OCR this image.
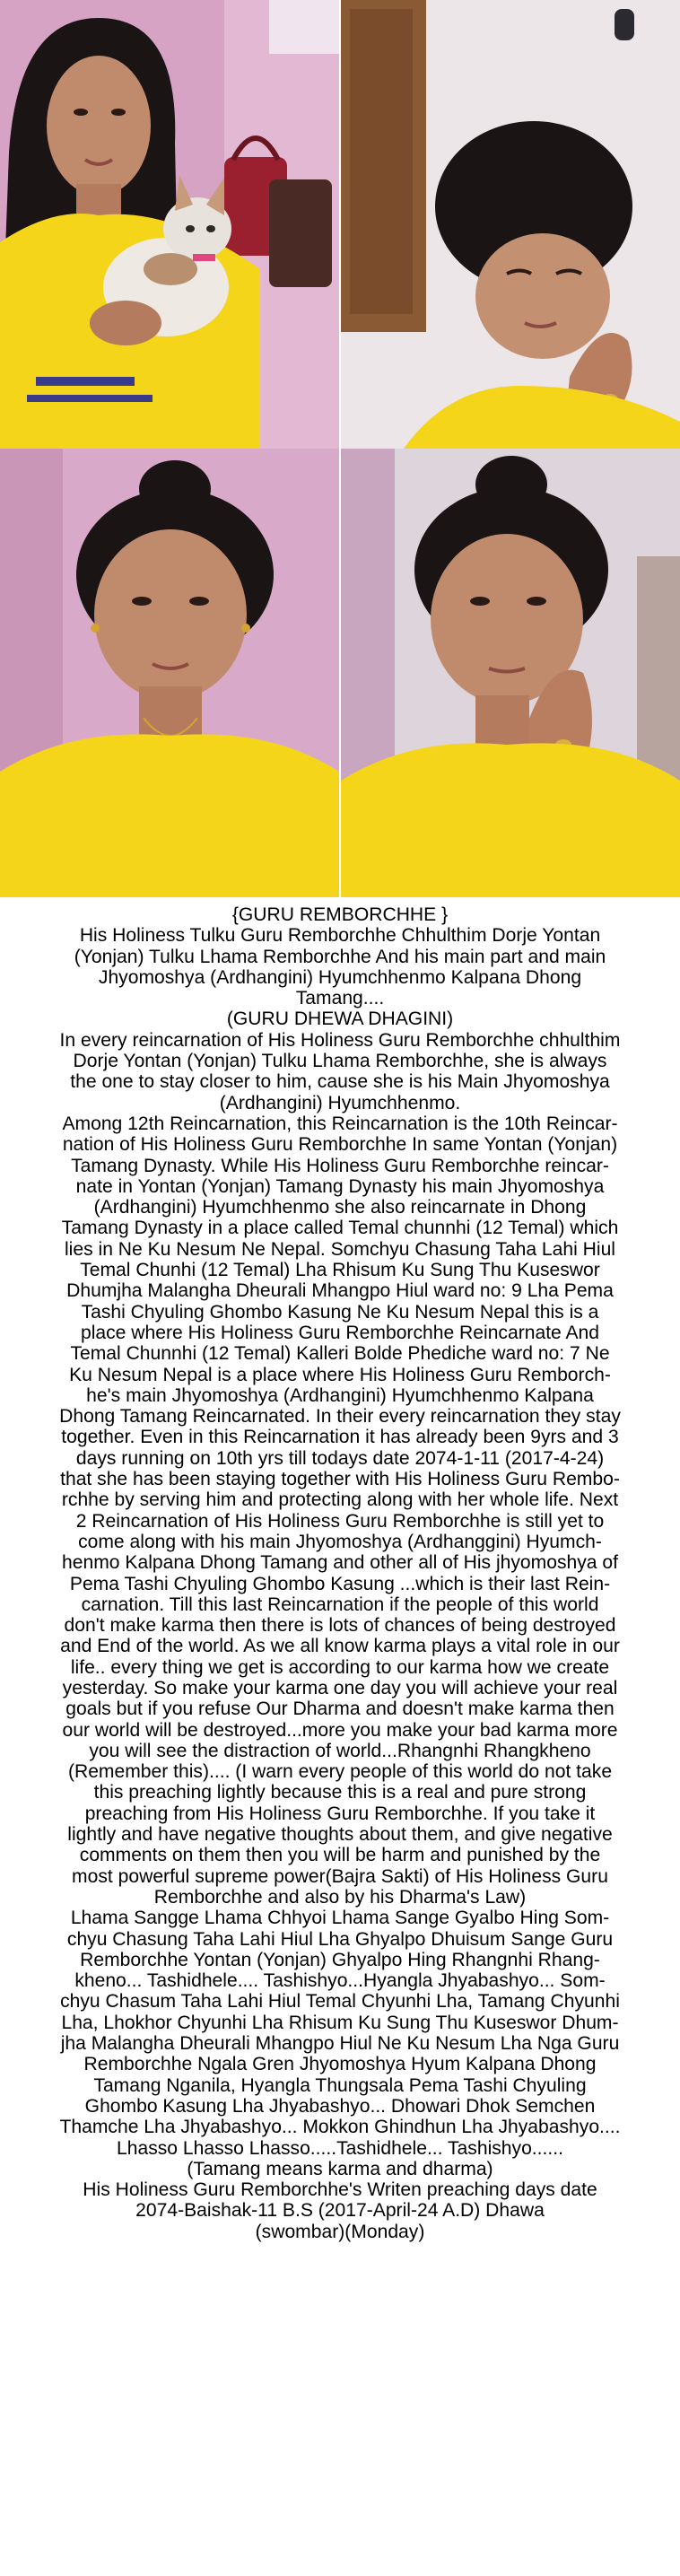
{GURU REMBORCHHE }

His Holiness Tulku Guru Remborchhe Chhulthim Dorje Yontan

(Yonjan) Tulku Lhama Remborchhe And his main part and main

Jhyomoshya (Ardhangini) Hyumchhenmo Kalpana Dhong

Tamang....

(GURU DHEWA DHAGINI)

In every reincarnation of His Holiness Guru Remborchhe chhulthim

Dorje Yontan (Yonjan) Tulku Lhama Remborchhe, she is always

the one to stay closer to him, cause she is his Main Jhyomoshya

(Ardhangini) Hyumchhenmo.

Among 12th Reincarnation, this Reincarnation is the 10th Reincar-

nation of His Holiness Guru Remborchhe In same Yontan (Yonjan)

Tamang Dynasty. While His Holiness Guru Remborchhe reincar-

nate in Yontan (Yonjan) Tamang Dynasty his main Jhyomoshya

(Ardhangini) Hyumchhenmo she also reincarnate in Dhong

Tamang Dynasty in a place called Temal chunnhi (12 Temal) which

lies in Ne Ku Nesum Ne Nepal. Somchyu Chasung Taha Lahi Hiul

Temal Chunhi (12 Temal) Lha Rhisum Ku Sung Thu Kuseswor

Dhumjha Malangha Dheurali Mhangpo Hiul ward no: 9 Lha Pema

Tashi Chyuling Ghombo Kasung Ne Ku Nesum Nepal this is a

place where His Holiness Guru Remborchhe Reincarnate And

Temal Chunnhi (12 Temal) Kalleri Bolde Phediche ward no: 7 Ne

Ku Nesum Nepal is a place where His Holiness Guru Remborch-

he's main Jhyomoshya (Ardhangini) Hyumchhenmo Kalpana

Dhong Tamang Reincarnated. In their every reincarnation they stay

together. Even in this Reincarnation it has already been 9yrs and 3

days running on 10th yrs till todays date 2074-1-11 (2017-4-24)

that she has been staying together with His Holiness Guru Rembo-

rchhe by serving him and protecting along with her whole life. Next

2 Reincarnation of His Holiness Guru Remborchhe is still yet to

come along with his main Jhyomoshya (Ardhanggini) Hyumch-

henmo Kalpana Dhong Tamang and other all of His jhyomoshya of

Pema Tashi Chyuling Ghombo Kasung ...which is their last Rein-

carnation. Till this last Reincarnation if the people of this world

don't make karma then there is lots of chances of being destroyed

and End of the world. As we all know karma plays a vital role in our

life.. every thing we get is according to our karma how we create

yesterday. So make your karma one day you will achieve your real

goals but if you refuse Our Dharma and doesn't make karma then

our world will be destroyed...more you make your bad karma more

you will see the distraction of world...Rhangnhi Rhangkheno

(Remember this).... (I warn every people of this world do not take

this preaching lightly because this is a real and pure strong

preaching from His Holiness Guru Remborchhe. If you take it

lightly and have negative thoughts about them, and give negative

comments on them then you will be harm and punished by the

most powerful supreme power(Bajra Sakti) of His Holiness Guru

Remborchhe and also by his Dharma's Law)

Lhama Sangge Lhama Chhyoi Lhama Sange Gyalbo Hing Som-

chyu Chasung Taha Lahi Hiul Lha Ghyalpo Dhuisum Sange Guru

Remborchhe Yontan (Yonjan) Ghyalpo Hing Rhangnhi Rhang-

kheno... Tashidhele.... Tashishyo...Hyangla Jhyabashyo... Som-

chyu Chasum Taha Lahi Hiul Temal Chyunhi Lha, Tamang Chyunhi

Lha, Lhokhor Chyunhi Lha Rhisum Ku Sung Thu Kuseswor Dhum-

jha Malangha Dheurali Mhangpo Hiul Ne Ku Nesum Lha Nga Guru

Remborchhe Ngala Gren Jhyomoshya Hyum Kalpana Dhong

Tamang Nganila, Hyangla Thungsala Pema Tashi Chyuling

Ghombo Kasung Lha Jhyabashyo... Dhowari Dhok Semchen

Thamche Lha Jhyabashyo... Mokkon Ghindhun Lha Jhyabashyo....

Lhasso Lhasso Lhasso.....Tashidhele... Tashishyo......

(Tamang means karma and dharma)

His Holiness Guru Remborchhe's Writen preaching days date

2074-Baishak-11 B.S (2017-April-24 A.D) Dhawa

(swombar)(Monday)
